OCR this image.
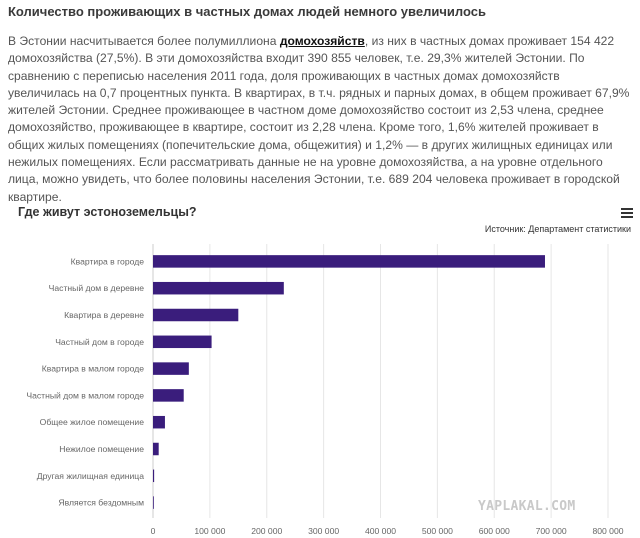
Количество проживающих в частных домах людей немного увеличилось

В Эстонии насчитывается более полумиллиона домохозяйств, из них в частных домах проживает 154 422 домохозяйства (27,5%). В эти домохозяйства входит 390 855 человек, т.е. 29,3% жителей Эстонии. По сравнению с переписью населения 2011 года, доля проживающих в частных домах домохозяйств увеличилась на 0,7 процентных пункта. В квартирах, в т.ч. рядных и парных домах, в общем проживает 67,9% жителей Эстонии. Среднее проживающее в частном доме домохозяйство состоит из 2,53 члена, среднее домохозяйство, проживающее в квартире, состоит из 2,28 члена. Кроме того, 1,6% жителей проживает в общих жилых помещениях (попечительские дома, общежития) и 1,2% — в других жилищных единицах или нежилых помещениях. Если рассматривать данные не на уровне домохозяйства, а на уровне отдельного лица, можно увидеть, что более половины населения Эстонии, т.е. 689 204 человека проживает в городской квартире.

Где живут эстоноземельцы?
Источник: Департамент статистики
Квартира в городе
Частный дом в деревне
Квартира в деревне
Частный дом в городе
Квартира в малом городе
Частный дом в малом городе
Общее жилое помещение
Нежилое помещение
Другая жилищная единица
Является бездомным
0	100 000	200 000	300 000	400 000	500 000	600 000	700 000	800 000
YAPLAKAL.COM
